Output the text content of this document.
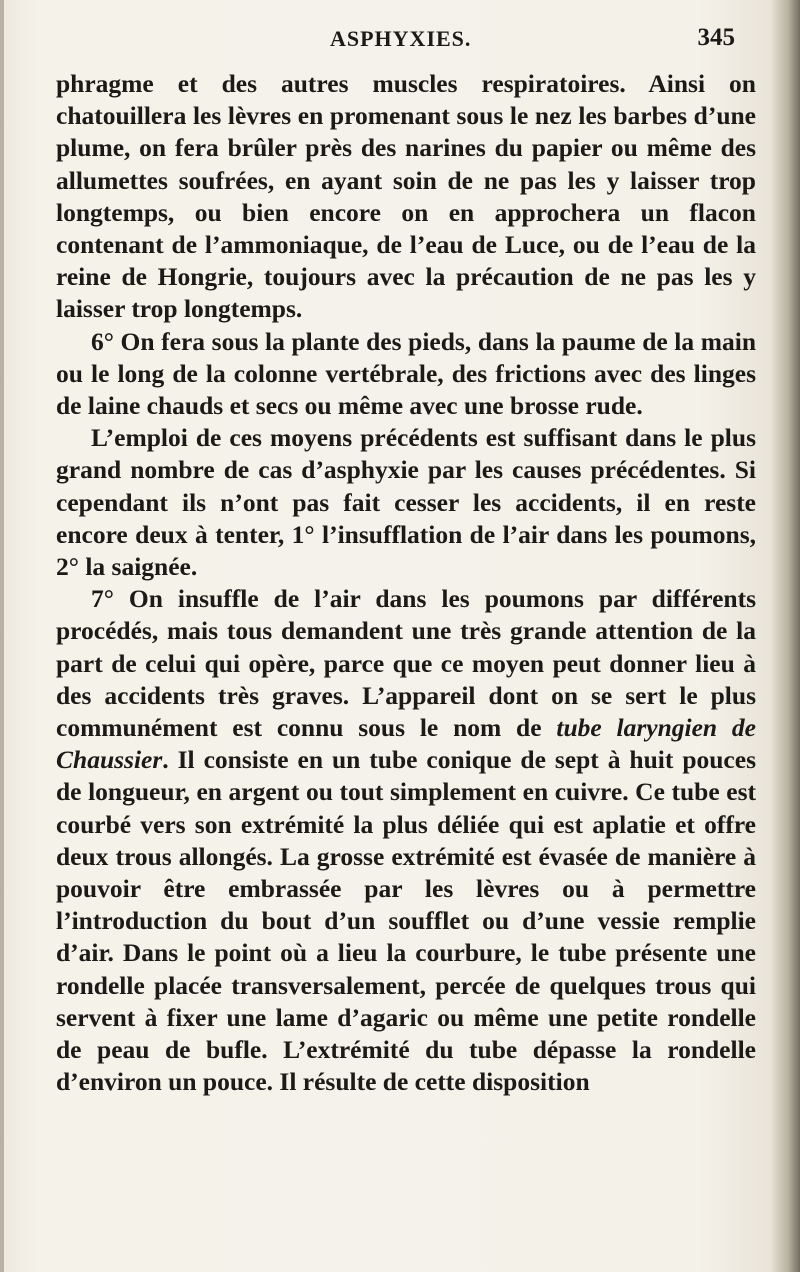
ASPHYXIES.	345

phragme et des autres muscles respiratoires. Ainsi on chatouillera les lèvres en promenant sous le nez les barbes d’une plume, on fera brûler près des narines du papier ou même des allumettes soufrées, en ayant soin de ne pas les y laisser trop longtemps, ou bien encore on en approchera un flacon contenant de l’ammoniaque, de l’eau de Luce, ou de l’eau de la reine de Hongrie, toujours avec la précaution de ne pas les y laisser trop longtemps.

6° On fera sous la plante des pieds, dans la paume de la main ou le long de la colonne vertébrale, des frictions avec des linges de laine chauds et secs ou même avec une brosse rude.

L’emploi de ces moyens précédents est suffisant dans le plus grand nombre de cas d’asphyxie par les causes précédentes. Si cependant ils n’ont pas fait cesser les accidents, il en reste encore deux à tenter, 1° l’insufflation de l’air dans les poumons, 2° la saignée.

7° On insuffle de l’air dans les poumons par différents procédés, mais tous demandent une très grande attention de la part de celui qui opère, parce que ce moyen peut donner lieu à des accidents très graves. L’appareil dont on se sert le plus communément est connu sous le nom de tube laryngien de Chaussier. Il consiste en un tube conique de sept à huit pouces de longueur, en argent ou tout simplement en cuivre. Ce tube est courbé vers son extrémité la plus déliée qui est aplatie et offre deux trous allongés. La grosse extrémité est évasée de manière à pouvoir être embrassée par les lèvres ou à permettre l’introduction du bout d’un soufflet ou d’une vessie remplie d’air. Dans le point où a lieu la courbure, le tube présente une rondelle placée transversalement, percée de quelques trous qui servent à fixer une lame d’agaric ou même une petite rondelle de peau de bufle. L’extrémité du tube dépasse la rondelle d’environ un pouce. Il résulte de cette disposition
